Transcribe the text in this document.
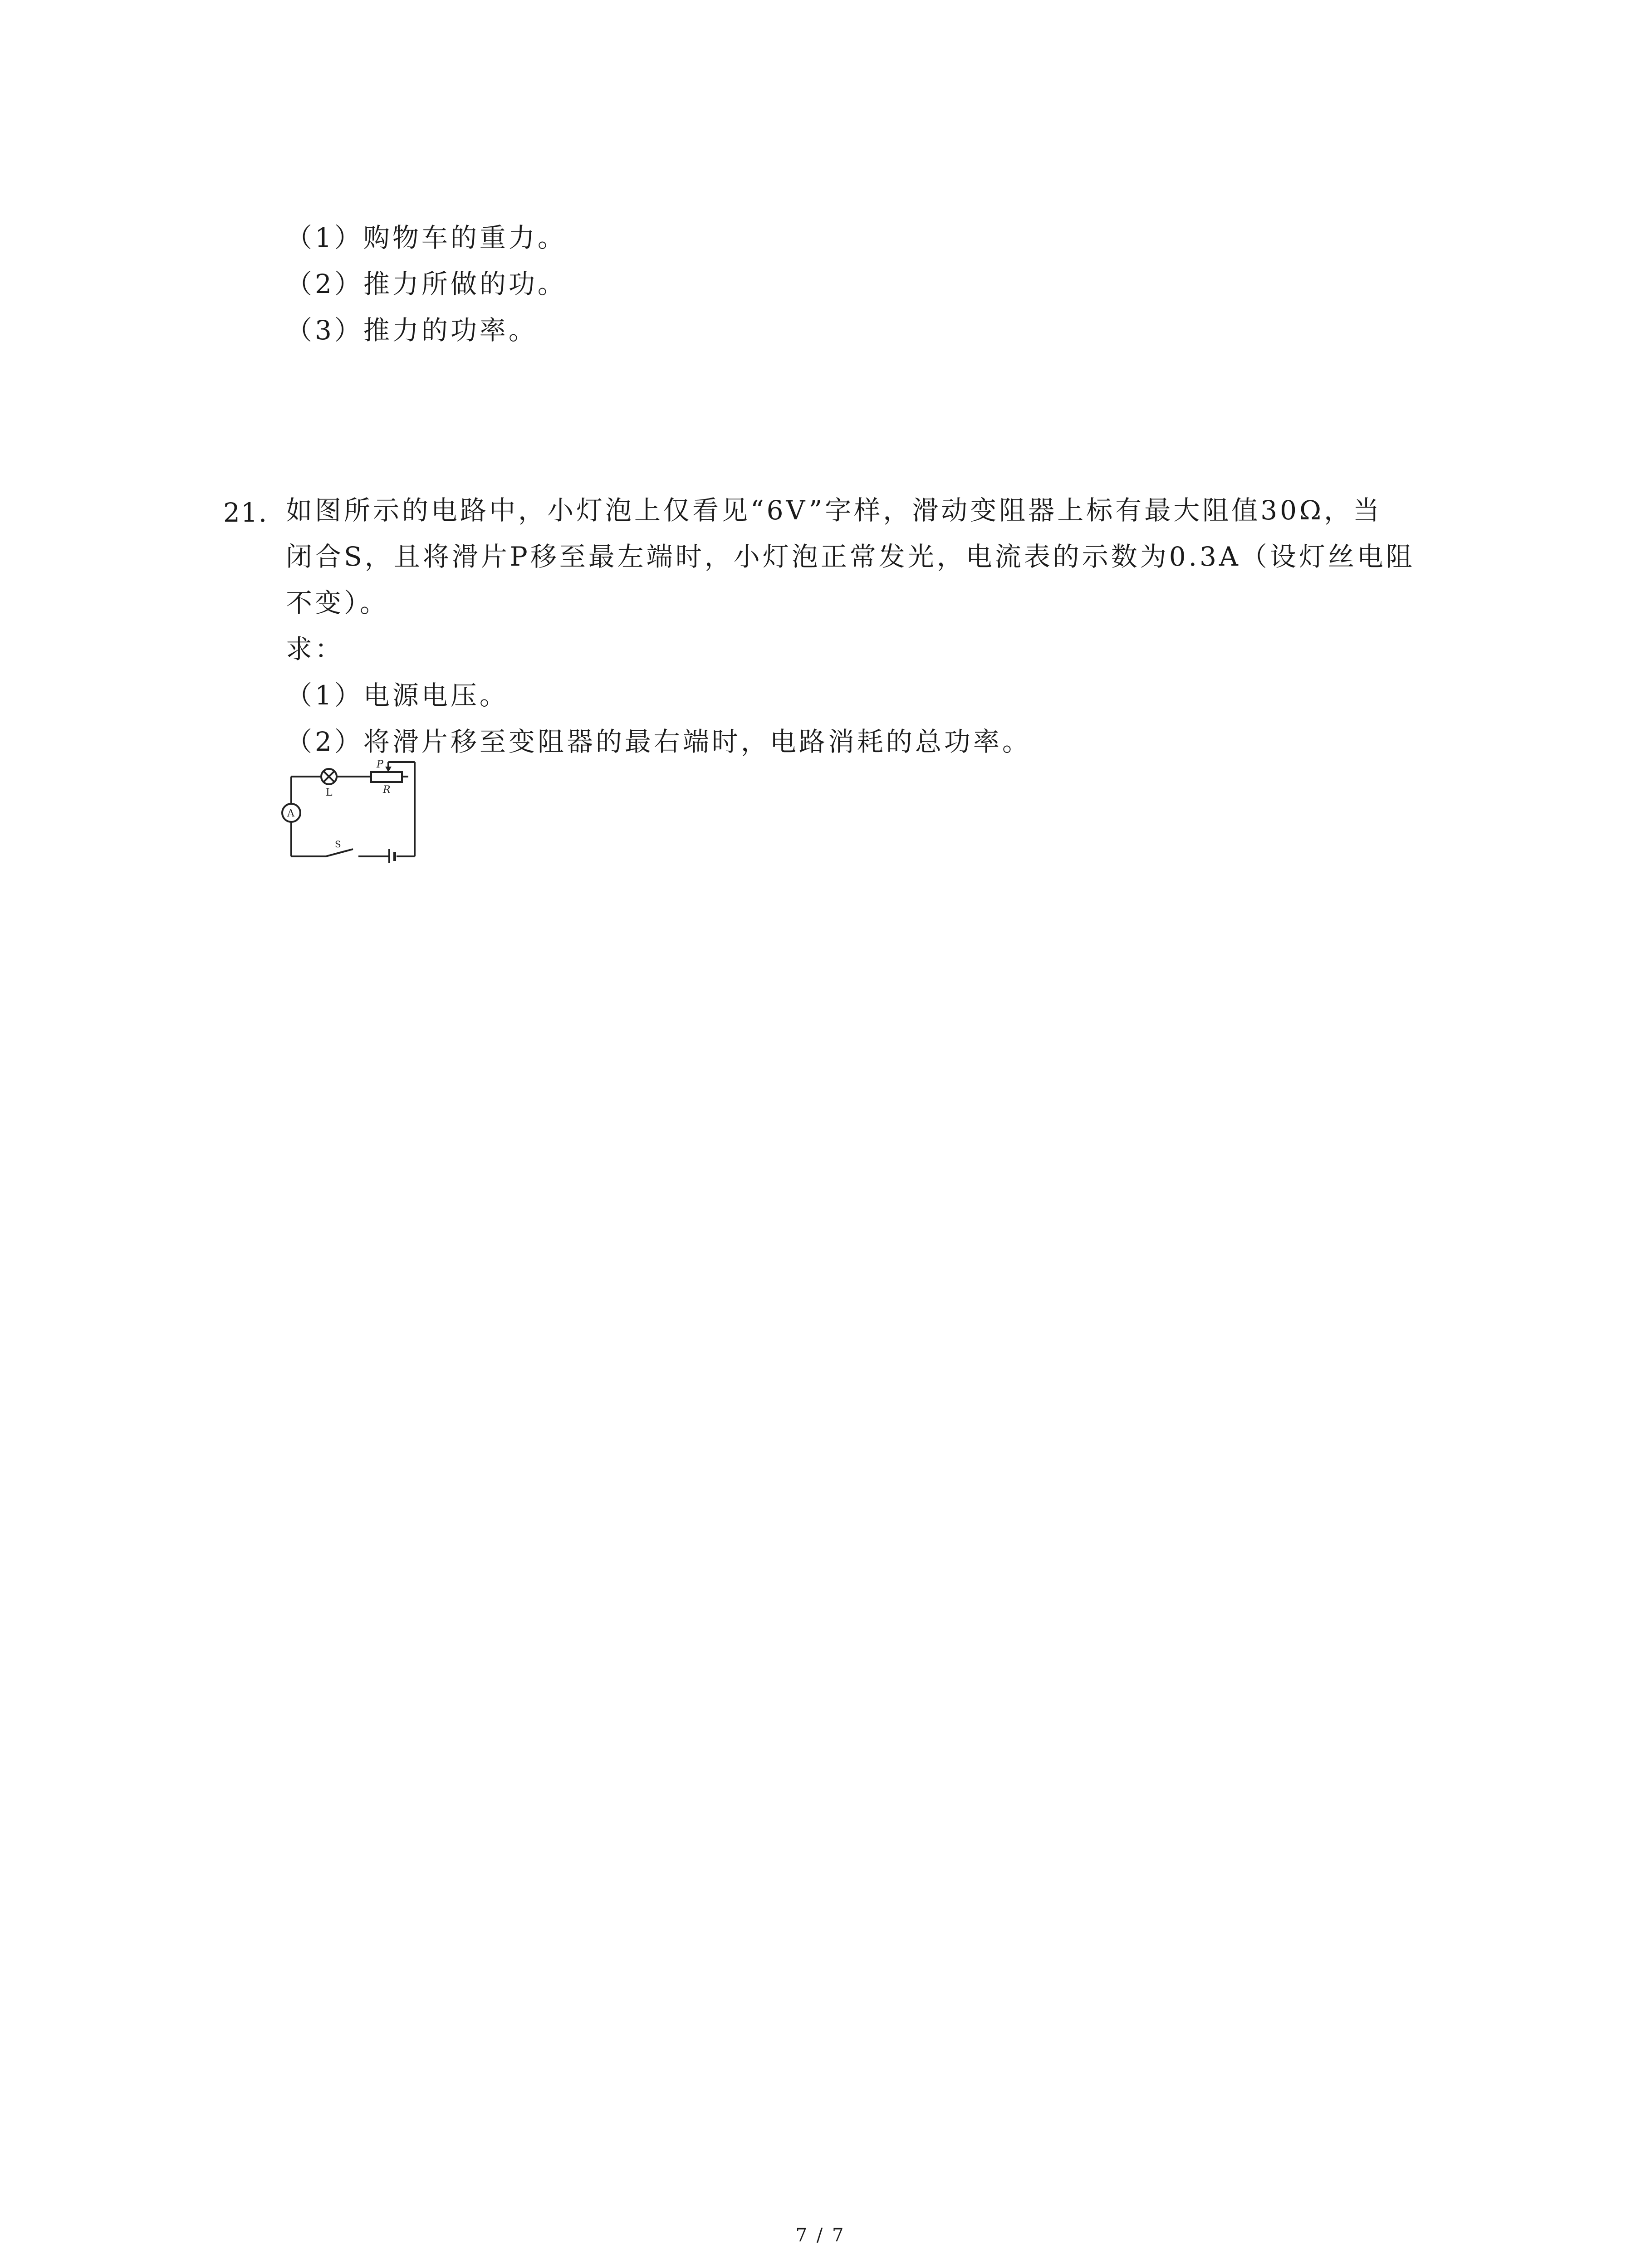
（1）购物车的重力。
（2）推力所做的功。
（3）推力的功率。
21. 如图所示的电路中，小灯泡上仅看见“6V”字样，滑动变阻器上标有最大阻值30Ω，当
闭合S，且将滑片P移至最左端时，小灯泡正常发光，电流表的示数为0.3A（设灯丝电阻
不变）。
求：
（1）电源电压。
（2）将滑片移至变阻器的最右端时，电路消耗的总功率。
L
P
R
A
S
7 / 7
